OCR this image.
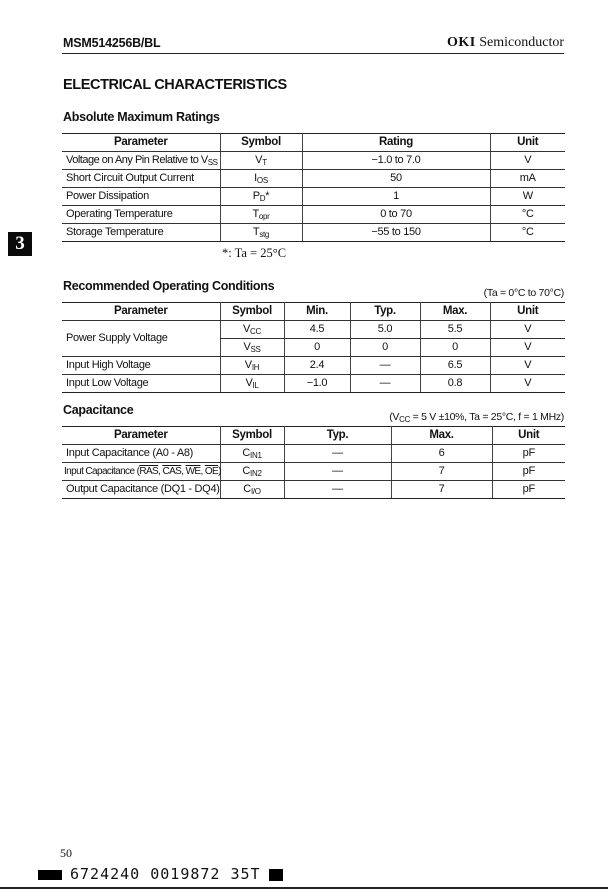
MSM514256B/BL	OKI Semiconductor
3
ELECTRICAL CHARACTERISTICS
Absolute Maximum Ratings
Parameter	Symbol	Rating	Unit
Voltage on Any Pin Relative to $V_{SS}$	$V_T$	−1.0 to 7.0	V
Short Circuit Output Current	$I_{OS}$	50	mA
Power Dissipation	$P_D*$	1	W
Operating Temperature	$T_{opr}$	0 to 70	°C
Storage Temperature	$T_{stg}$	−55 to 150	°C
*: Ta = 25°C
Recommended Operating Conditions	(Ta = 0°C to 70°C)
Parameter	Symbol	Min.	Typ.	Max.	Unit
Power Supply Voltage	$V_{CC}$	4.5	5.0	5.5	V
	$V_{SS}$	0	0	0	V
Input High Voltage	$V_{IH}$	2.4	—	6.5	V
Input Low Voltage	$V_{IL}$	−1.0	—	0.8	V
Capacitance	($V_{CC} = 5$ V ±10%, Ta = 25°C, f = 1 MHz)
Parameter	Symbol	Typ.	Max.	Unit
Input Capacitance (A0 - A8)	$C_{IN1}$	—	6	pF
Input Capacitance ($\overline{RAS}$, $\overline{CAS}$, $\overline{WE}$, $\overline{OE}$)	$C_{IN2}$	—	7	pF
Output Capacitance (DQ1 - DQ4)	$C_{I/O}$	—	7	pF
50
6724240 0019872 35T
